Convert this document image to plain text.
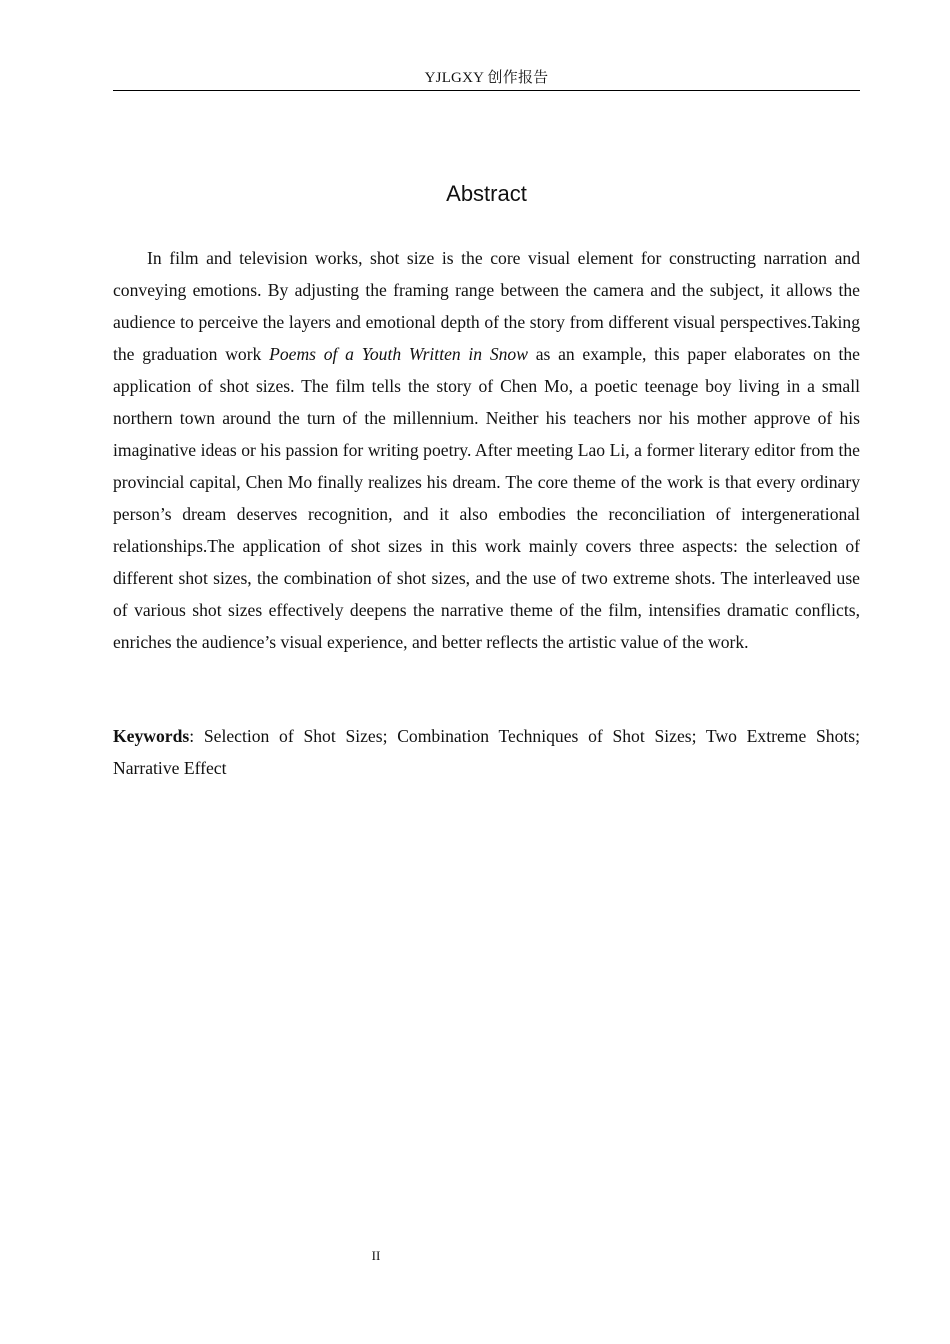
YJLGXY 创作报告
Abstract

In film and television works, shot size is the core visual element for constructing narration and conveying emotions. By adjusting the framing range between the camera and the subject, it allows the audience to perceive the layers and emotional depth of the story from different visual perspectives.Taking the graduation work Poems of a Youth Written in Snow as an example, this paper elaborates on the application of shot sizes. The film tells the story of Chen Mo, a poetic teenage boy living in a small northern town around the turn of the millennium. Neither his teachers nor his mother approve of his imaginative ideas or his passion for writing poetry. After meeting Lao Li, a former literary editor from the provincial capital, Chen Mo finally realizes his dream. The core theme of the work is that every ordinary person’s dream deserves recognition, and it also embodies the reconciliation of intergenerational relationships.The application of shot sizes in this work mainly covers three aspects: the selection of different shot sizes, the combination of shot sizes, and the use of two extreme shots. The interleaved use of various shot sizes effectively deepens the narrative theme of the film, intensifies dramatic conflicts, enriches the audience’s visual experience, and better reflects the artistic value of the work.

Keywords: Selection of Shot Sizes; Combination Techniques of Shot Sizes; Two Extreme Shots; Narrative Effect

II
